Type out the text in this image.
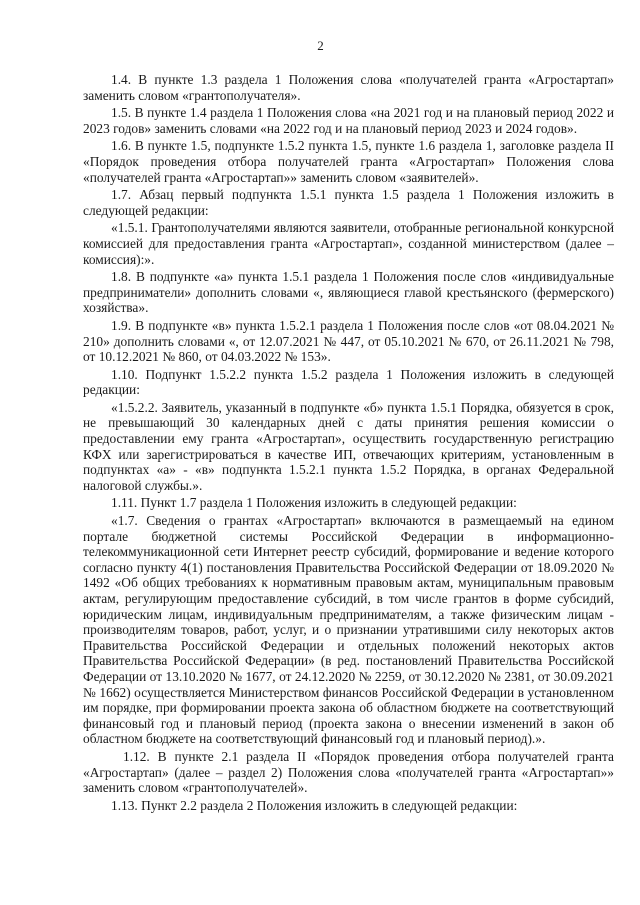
2

1.4. В пункте 1.3 раздела 1 Положения слова «получателей гранта «Агростартап» заменить словом «грантополучателя».

1.5. В пункте 1.4 раздела 1 Положения слова «на 2021 год и на плановый период 2022 и 2023 годов» заменить словами «на 2022 год и на плановый период 2023 и 2024 годов».

1.6. В пункте 1.5, подпункте 1.5.2 пункта 1.5, пункте 1.6 раздела 1, заголовке раздела II «Порядок проведения отбора получателей гранта «Агростартап» Положения слова «получателей гранта «Агростартап»» заменить словом «заявителей».

1.7. Абзац первый подпункта 1.5.1 пункта 1.5 раздела 1 Положения изложить в следующей редакции:

«1.5.1. Грантополучателями являются заявители, отобранные региональной конкурсной комиссией для предоставления гранта «Агростартап», созданной министерством (далее – комиссия):».

1.8. В подпункте «а» пункта 1.5.1 раздела 1 Положения после слов «индивидуальные предприниматели» дополнить словами «, являющиеся главой крестьянского (фермерского) хозяйства».

1.9. В подпункте «в» пункта 1.5.2.1 раздела 1 Положения после слов «от 08.04.2021 № 210» дополнить словами «, от 12.07.2021 № 447, от 05.10.2021 № 670, от 26.11.2021 № 798, от 10.12.2021 № 860, от 04.03.2022 № 153».

1.10. Подпункт 1.5.2.2 пункта 1.5.2 раздела 1 Положения изложить в следующей редакции:

«1.5.2.2. Заявитель, указанный в подпункте «б» пункта 1.5.1 Порядка, обязуется в срок, не превышающий 30 календарных дней с даты принятия решения комиссии о предоставлении ему гранта «Агростартап», осуществить государственную регистрацию КФХ или зарегистрироваться в качестве ИП, отвечающих критериям, установленным в подпунктах «а» - «в» подпункта 1.5.2.1 пункта 1.5.2 Порядка, в органах Федеральной налоговой службы.».

1.11. Пункт 1.7 раздела 1 Положения изложить в следующей редакции:

«1.7. Сведения о грантах «Агростартап» включаются в размещаемый на едином портале бюджетной системы Российской Федерации в информационно-телекоммуникационной сети Интернет реестр субсидий, формирование и ведение которого согласно пункту 4(1) постановления Правительства Российской Федерации от 18.09.2020 № 1492 «Об общих требованиях к нормативным правовым актам, муниципальным правовым актам, регулирующим предоставление субсидий, в том числе грантов в форме субсидий, юридическим лицам, индивидуальным предпринимателям, а также физическим лицам - производителям товаров, работ, услуг, и о признании утратившими силу некоторых актов Правительства Российской Федерации и отдельных положений некоторых актов Правительства Российской Федерации» (в ред. постановлений Правительства Российской Федерации от 13.10.2020 № 1677, от 24.12.2020 № 2259, от 30.12.2020 № 2381, от 30.09.2021 № 1662) осуществляется Министерством финансов Российской Федерации в установленном им порядке, при формировании проекта закона об областном бюджете на соответствующий финансовый год и плановый период (проекта закона о внесении изменений в закон об областном бюджете на соответствующий финансовый год и плановый период).».

1.12. В пункте 2.1 раздела II «Порядок проведения отбора получателей гранта «Агростартап» (далее – раздел 2) Положения слова «получателей гранта «Агростартап»» заменить словом «грантополучателей».

1.13. Пункт 2.2 раздела 2 Положения изложить в следующей редакции:
